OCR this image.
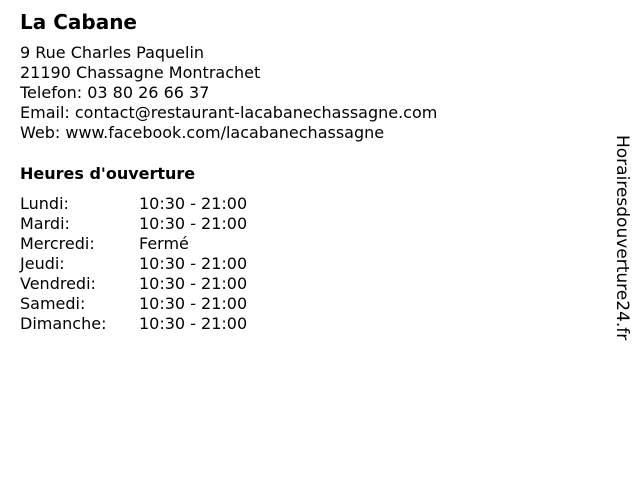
La Cabane
9 Rue Charles Paquelin
21190 Chassagne Montrachet
Telefon: 03 80 26 66 37
Email: contact@restaurant-lacabanechassagne.com
Web: www.facebook.com/lacabanechassagne
Heures d'ouverture
Lundi:	10:30 - 21:00
Mardi:	10:30 - 21:00
Mercredi:	Fermé
Jeudi:	10:30 - 21:00
Vendredi:	10:30 - 21:00
Samedi:	10:30 - 21:00
Dimanche:	10:30 - 21:00	Horairesdouverture24.fr
